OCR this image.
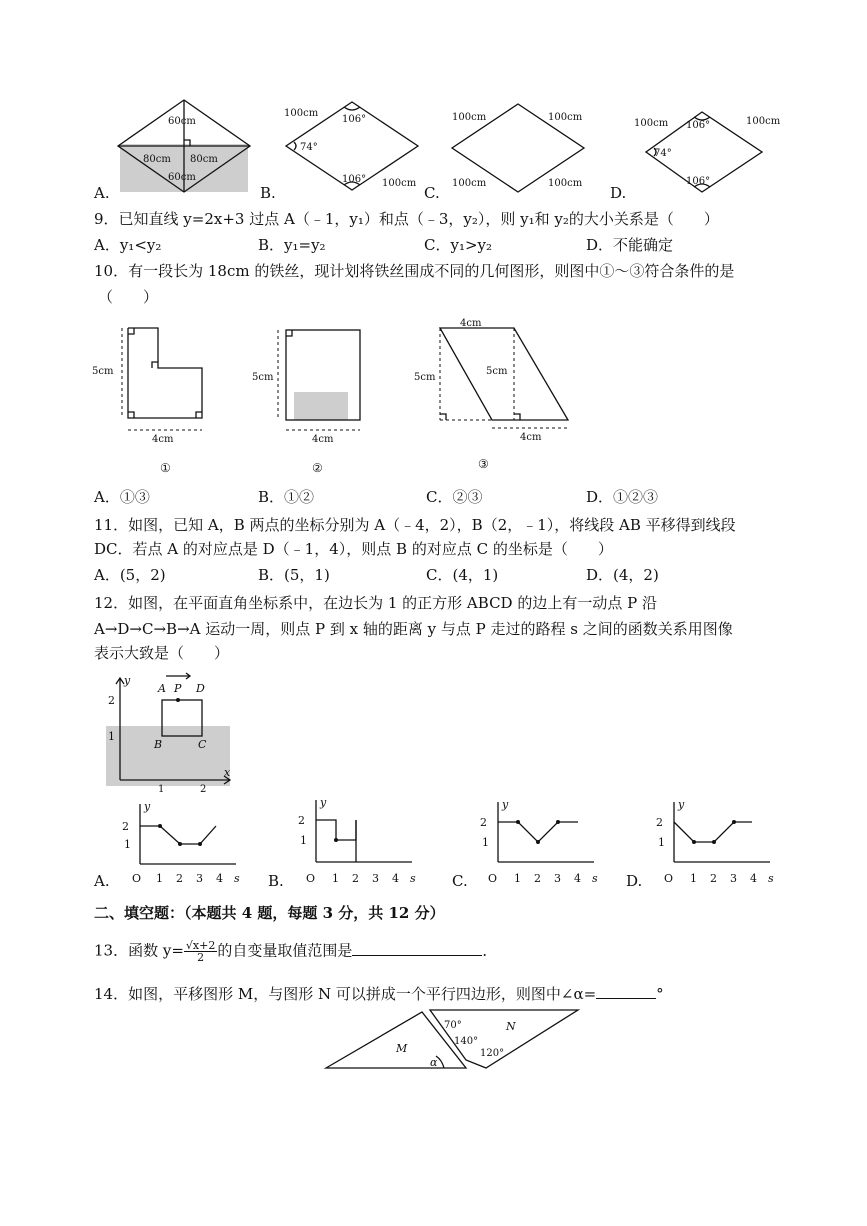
60cm
80cm 80cm
60cm
A.
100cm
106°
74°
106° 100cm
B.
100cm	100cm
100cm	100cm
C.
100cm	100cm
106°
74°
106°
D.
9．已知直线 y=2x+3 过点 A（﹣1，y₁）和点（﹣3，y₂），则 y₁和 y₂的大小关系是（　　）
A．y₁<y₂	B．y₁=y₂	C．y₁>y₂	D．不能确定
10．有一段长为 18cm 的铁丝，现计划将铁丝围成不同的几何图形，则图中①～③符合条件的是
（　　）
5cm
4cm
①
5cm
4cm
②
4cm
5cm
5cm
4cm
③
A．①③	B．①②	C．②③	D．①②③
11．如图，已知 A，B 两点的坐标分别为 A（﹣4，2），B（2，﹣1），将线段 AB 平移得到线段
DC．若点 A 的对应点是 D（﹣1，4），则点 B 的对应点 C 的坐标是（　　）
A．(5，2)	B．(5，1)	C．(4，1)	D．(4，2)
12．如图，在平面直角坐标系中，在边长为 1 的正方形 ABCD 的边上有一动点 P 沿
A→D→C→B→A 运动一周，则点 P 到 x 轴的距离 y 与点 P 走过的路程 s 之间的函数关系用图像
表示大致是（　　）
y
x
2
1
A P D
B	C
1	2
y
2
1
O 1 2 3 4 s
A.
y
2
1
O 1 2 3 4 s
B.
y
2
1
O 1 2 3 4 s
C.
y
2
1
O 1 2 3 4 s
D.
二、填空题：（本题共 4 题，每题 3 分，共 12 分）
13．函数 $y= \frac{√x+2}{2}$ 的自变量取值范围是	．
14．如图，平移图形 M，与图形 N 可以拼成一个平行四边形，则图中∠α=	°
M
N
70°
140°
120°
α
